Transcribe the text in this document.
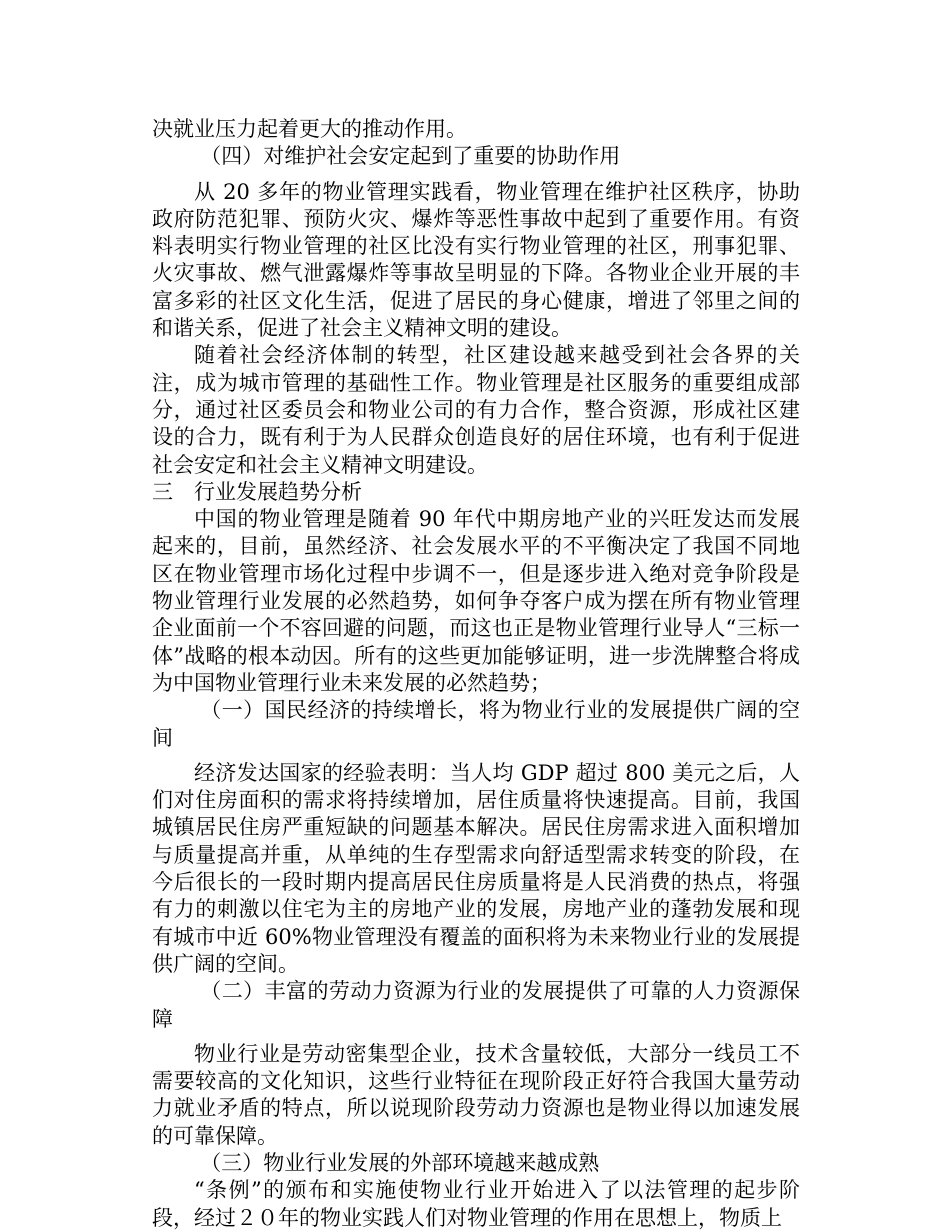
决就业压力起着更大的推动作用。

（四）对维护社会安定起到了重要的协助作用

从 20 多年的物业管理实践看，物业管理在维护社区秩序，协助政府防范犯罪、预防火灾、爆炸等恶性事故中起到了重要作用。有资料表明实行物业管理的社区比没有实行物业管理的社区，刑事犯罪、火灾事故、燃气泄露爆炸等事故呈明显的下降。各物业企业开展的丰富多彩的社区文化生活，促进了居民的身心健康，增进了邻里之间的和谐关系，促进了社会主义精神文明的建设。

随着社会经济体制的转型，社区建设越来越受到社会各界的关注，成为城市管理的基础性工作。物业管理是社区服务的重要组成部分，通过社区委员会和物业公司的有力合作，整合资源，形成社区建设的合力，既有利于为人民群众创造良好的居住环境，也有利于促进社会安定和社会主义精神文明建设。

三 行业发展趋势分析

中国的物业管理是随着 90 年代中期房地产业的兴旺发达而发展起来的，目前，虽然经济、社会发展水平的不平衡决定了我国不同地区在物业管理市场化过程中步调不一，但是逐步进入绝对竞争阶段是物业管理行业发展的必然趋势，如何争夺客户成为摆在所有物业管理企业面前一个不容回避的问题，而这也正是物业管理行业导人“三标一体”战略的根本动因。所有的这些更加能够证明，进一步洗牌整合将成为中国物业管理行业未来发展的必然趋势；

（一）国民经济的持续增长，将为物业行业的发展提供广阔的空间

经济发达国家的经验表明：当人均 GDP 超过 800 美元之后，人们对住房面积的需求将持续增加，居住质量将快速提高。目前，我国城镇居民住房严重短缺的问题基本解决。居民住房需求进入面积增加与质量提高并重，从单纯的生存型需求向舒适型需求转变的阶段，在今后很长的一段时期内提高居民住房质量将是人民消费的热点，将强有力的刺激以住宅为主的房地产业的发展，房地产业的蓬勃发展和现有城市中近 60%物业管理没有覆盖的面积将为未来物业行业的发展提供广阔的空间。

（二）丰富的劳动力资源为行业的发展提供了可靠的人力资源保障

物业行业是劳动密集型企业，技术含量较低，大部分一线员工不需要较高的文化知识，这些行业特征在现阶段正好符合我国大量劳动力就业矛盾的特点，所以说现阶段劳动力资源也是物业得以加速发展的可靠保障。

（三）物业行业发展的外部环境越来越成熟

“条例”的颁布和实施使物业行业开始进入了以法管理的起步阶段，经过２０年的物业实践人们对物业管理的作用在思想上，物质上
